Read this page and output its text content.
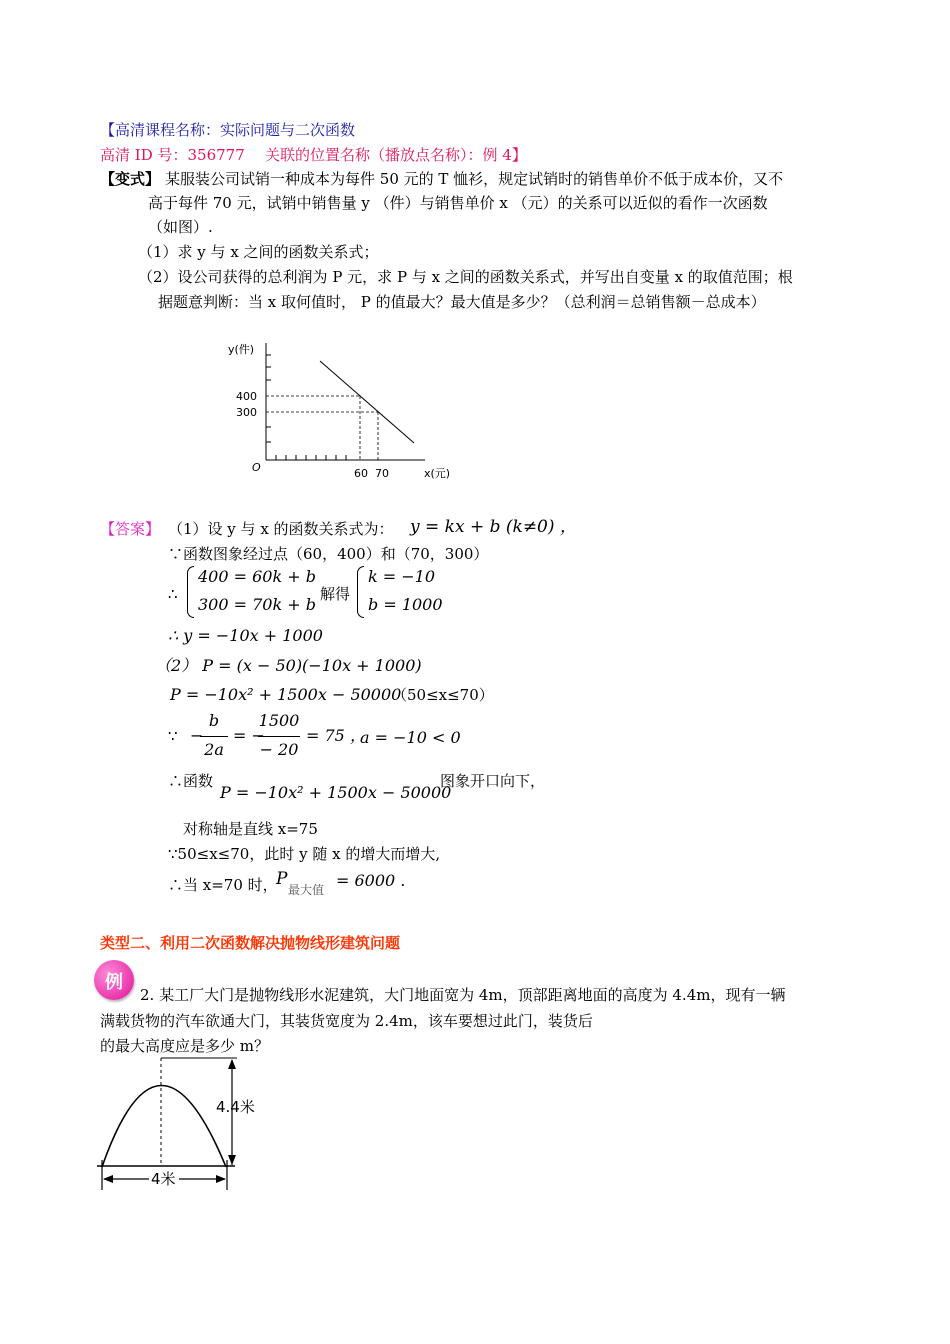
【高清课程名称：实际问题与二次函数
高清 ID 号：356777 关联的位置名称（播放点名称）：例 4】
【变式】 某服装公司试销一种成本为每件 50 元的 T 恤衫，规定试销时的销售单价不低于成本价，又不
高于每件 70 元，试销中销售量 y （件）与销售单价 x （元）的关系可以近似的看作一次函数
（如图）.
（1）求 y 与 x 之间的函数关系式；
（2）设公司获得的总利润为 P 元，求 P 与 x 之间的函数关系式，并写出自变量 x 的取值范围；根
据题意判断：当 x 取何值时， P 的值最大？最大值是多少？（总利润＝总销售额－总成本）
y(件)
x(元)
O
400
300
60 70
【答案】 （1）设 y 与 x 的函数关系式为： y = kx + b (k≠0) ，
∵函数图象经过点（60，400）和（70，300）
∴
400 = 60k + b
300 = 70k + b
解得
k = −10
b = 1000
∴ y = −10x + 1000
（2） P = (x − 50)(−10x + 1000)
P = −10x² + 1500x − 50000
（50≤x≤70）
∵ −
b
2a
= −
1500
− 20
= 75 ，
a = −10 < 0
∴函数
P = −10x² + 1500x − 50000
图象开口向下，
对称轴是直线 x=75
∵50≤x≤70，此时 y 随 x 的增大而增大,
∴当 x=70 时，
P
最大值 = 6000 .
类型二、利用二次函数解决抛物线形建筑问题
例
2. 某工厂大门是抛物线形水泥建筑，大门地面宽为 4m，顶部距离地面的高度为 4.4m，现有一辆
满载货物的汽车欲通大门，其装货宽度为 2.4m，该车要想过此门，装货后
的最大高度应是多少 m？
4.4米
4米
